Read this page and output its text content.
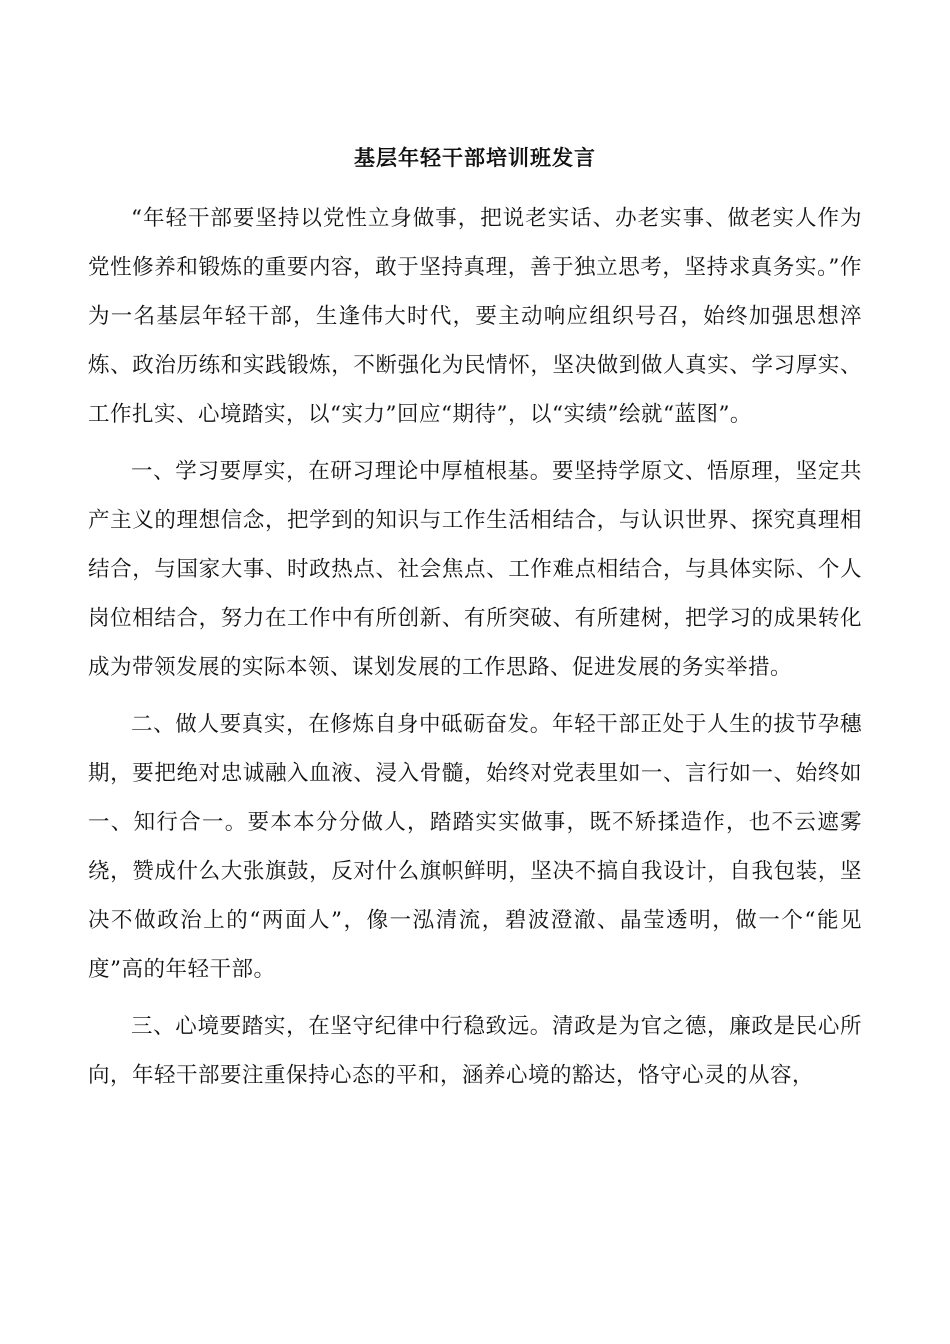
基层年轻干部培训班发言

“年轻干部要坚持以党性立身做事，把说老实话、办老实事、做老实人作为党性修养和锻炼的重要内容，敢于坚持真理，善于独立思考，坚持求真务实。”作为一名基层年轻干部，生逢伟大时代，要主动响应组织号召，始终加强思想淬炼、政治历练和实践锻炼，不断强化为民情怀，坚决做到做人真实、学习厚实、工作扎实、心境踏实，以“实力”回应“期待”，以“实绩”绘就“蓝图”。

一、学习要厚实，在研习理论中厚植根基。要坚持学原文、悟原理，坚定共产主义的理想信念，把学到的知识与工作生活相结合，与认识世界、探究真理相结合，与国家大事、时政热点、社会焦点、工作难点相结合，与具体实际、个人岗位相结合，努力在工作中有所创新、有所突破、有所建树，把学习的成果转化成为带领发展的实际本领、谋划发展的工作思路、促进发展的务实举措。

二、做人要真实，在修炼自身中砥砺奋发。年轻干部正处于人生的拔节孕穗期，要把绝对忠诚融入血液、浸入骨髓，始终对党表里如一、言行如一、始终如一、知行合一。要本本分分做人，踏踏实实做事，既不矫揉造作，也不云遮雾绕，赞成什么大张旗鼓，反对什么旗帜鲜明，坚决不搞自我设计，自我包装，坚决不做政治上的“两面人”，像一泓清流，碧波澄澈、晶莹透明，做一个“能见度”高的年轻干部。

三、心境要踏实，在坚守纪律中行稳致远。清政是为官之德，廉政是民心所向，年轻干部要注重保持心态的平和，涵养心境的豁达，恪守心灵的从容，
